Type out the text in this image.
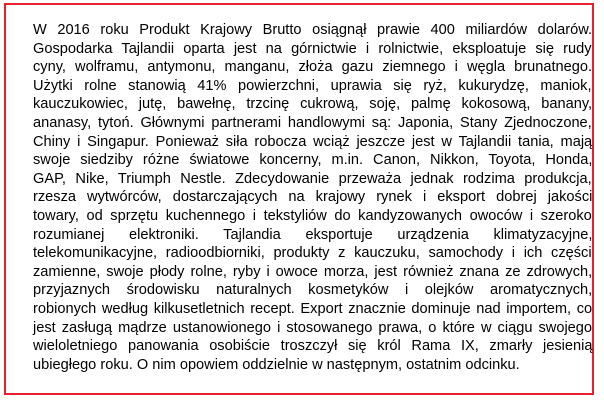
W 2016 roku Produkt Krajowy Brutto osiągnął prawie 400 miliardów dolarów.
Gospodarka Tajlandii oparta jest na górnictwie i rolnictwie, eksploatuje się rudy
cyny, wolframu, antymonu, manganu, złoża gazu ziemnego i węgla brunatnego.
Użytki rolne stanowią 41% powierzchni, uprawia się ryż, kukurydzę, maniok,
kauczukowiec, jutę, bawełnę, trzcinę cukrową, soję, palmę kokosową, banany,
ananasy, tytoń. Głównymi partnerami handlowymi są: Japonia, Stany Zjednoczone,
Chiny i Singapur. Ponieważ siła robocza wciąż jeszcze jest w Tajlandii tania, mają
swoje siedziby różne światowe koncerny, m.in. Canon, Nikkon, Toyota, Honda,
GAP, Nike, Triumph Nestle. Zdecydowanie przeważa jednak rodzima produkcja,
rzesza wytwórców, dostarczających na krajowy rynek i eksport dobrej jakości
towary, od sprzętu kuchennego i tekstyliów do kandyzowanych owoców i szeroko
rozumianej elektroniki. Tajlandia eksportuje urządzenia klimatyzacyjne,
telekomunikacyjne, radioodbiorniki, produkty z kauczuku, samochody i ich części
zamienne, swoje płody rolne, ryby i owoce morza, jest również znana ze zdrowych,
przyjaznych środowisku naturalnych kosmetyków i olejków aromatycznych,
robionych według kilkusetletnich recept. Export znacznie dominuje nad importem, co
jest zasługą mądrze ustanowionego i stosowanego prawa, o które w ciągu swojego
wieloletniego panowania osobiście troszczył się król Rama IX, zmarły jesienią
ubiegłego roku. O nim opowiem oddzielnie w następnym, ostatnim odcinku.
